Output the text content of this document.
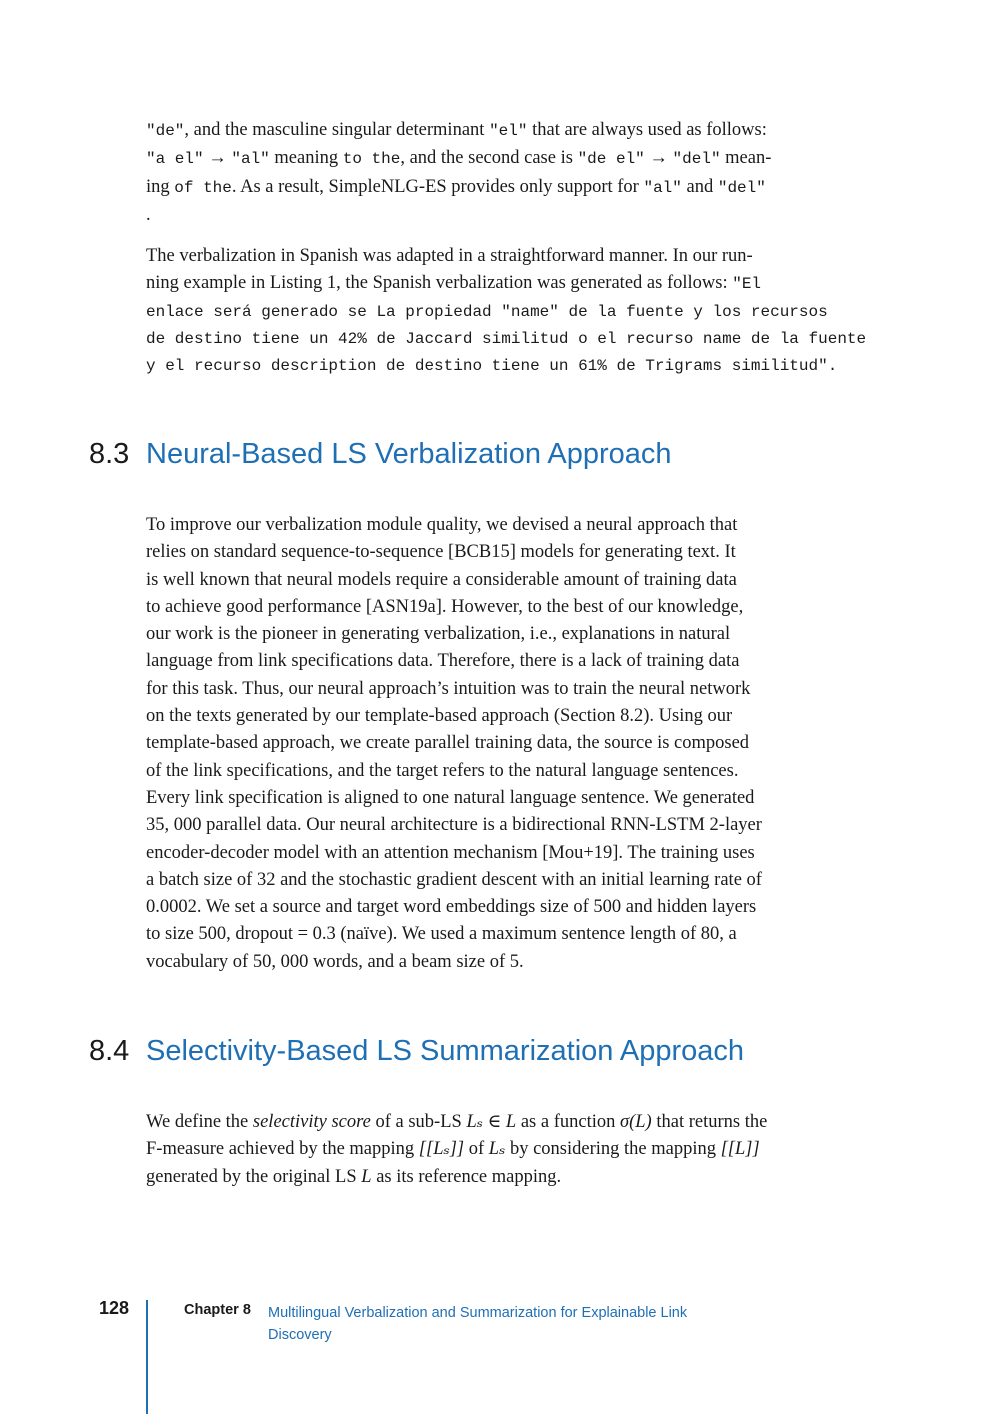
"de", and the masculine singular determinant "el" that are always used as follows:
"a el" → "al" meaning to the, and the second case is "de el" → "del" mean-
ing of the. As a result, SimpleNLG-ES provides only support for "al" and "del"
.
The verbalization in Spanish was adapted in a straightforward manner. In our run-
ning example in Listing 1, the Spanish verbalization was generated as follows: "El
enlace será generado se La propiedad "name" de la fuente y los recursos
de destino tiene un 42% de Jaccard similitud o el recurso name de la fuente
y el recurso description de destino tiene un 61% de Trigrams similitud".
8.3 Neural-Based LS Verbalization Approach
To improve our verbalization module quality, we devised a neural approach that
relies on standard sequence-to-sequence [BCB15] models for generating text. It
is well known that neural models require a considerable amount of training data
to achieve good performance [ASN19a]. However, to the best of our knowledge,
our work is the pioneer in generating verbalization, i.e., explanations in natural
language from link specifications data. Therefore, there is a lack of training data
for this task. Thus, our neural approach’s intuition was to train the neural network
on the texts generated by our template-based approach (Section 8.2). Using our
template-based approach, we create parallel training data, the source is composed
of the link specifications, and the target refers to the natural language sentences.
Every link specification is aligned to one natural language sentence. We generated
35, 000 parallel data. Our neural architecture is a bidirectional RNN-LSTM 2-layer
encoder-decoder model with an attention mechanism [Mou+19]. The training uses
a batch size of 32 and the stochastic gradient descent with an initial learning rate of
0.0002. We set a source and target word embeddings size of 500 and hidden layers
to size 500, dropout = 0.3 (naïve). We used a maximum sentence length of 80, a
vocabulary of 50, 000 words, and a beam size of 5.
8.4 Selectivity-Based LS Summarization Approach
We define the selectivity score of a sub-LS Lₛ ∈ L as a function σ(L) that returns the
F-measure achieved by the mapping [[Lₛ]] of Lₛ by considering the mapping [[L]]
generated by the original LS L as its reference mapping.
128	Chapter 8 Multilingual Verbalization and Summarization for Explainable Link Discovery
